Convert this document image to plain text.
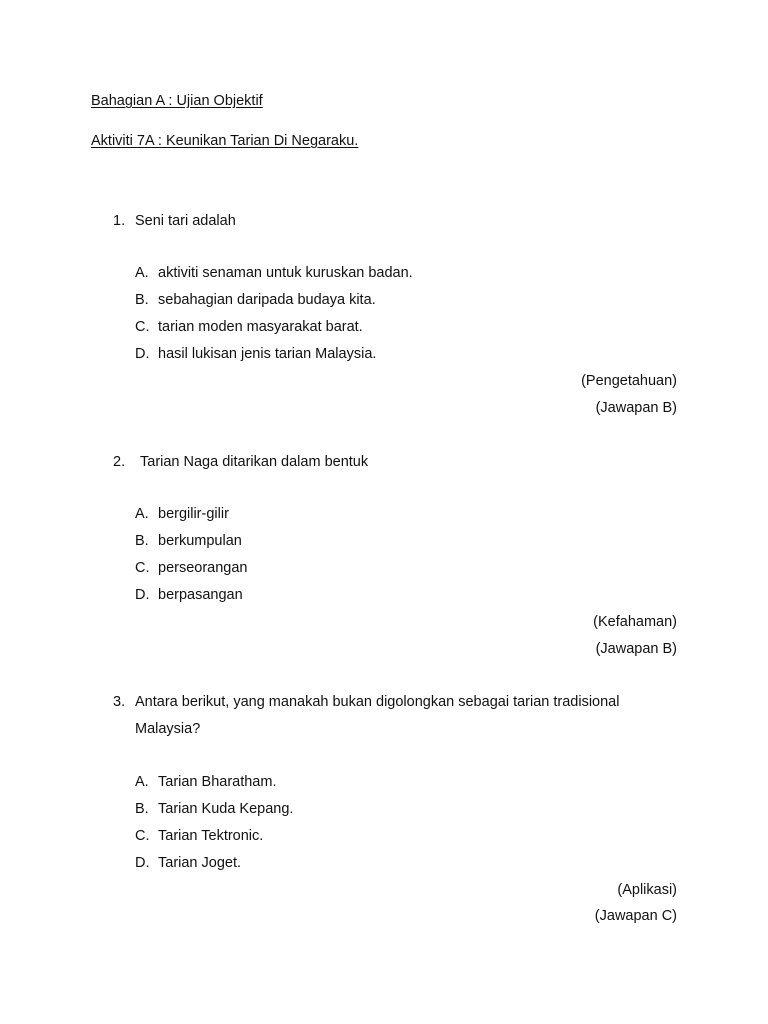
Bahagian A : Ujian Objektif
Aktiviti 7A : Keunikan Tarian Di Negaraku.
1. Seni tari adalah
A. aktiviti senaman untuk kuruskan badan.
B. sebahagian daripada budaya kita.
C. tarian moden masyarakat barat.
D. hasil lukisan jenis tarian Malaysia.
(Pengetahuan)
(Jawapan B)
2. Tarian Naga ditarikan dalam bentuk
A. bergilir-gilir
B. berkumpulan
C. perseorangan
D. berpasangan
(Kefahaman)
(Jawapan B)
3. Antara berikut, yang manakah bukan digolongkan sebagai tarian tradisional
Malaysia?
A. Tarian Bharatham.
B. Tarian Kuda Kepang.
C. Tarian Tektronic.
D. Tarian Joget.
(Aplikasi)
(Jawapan C)
